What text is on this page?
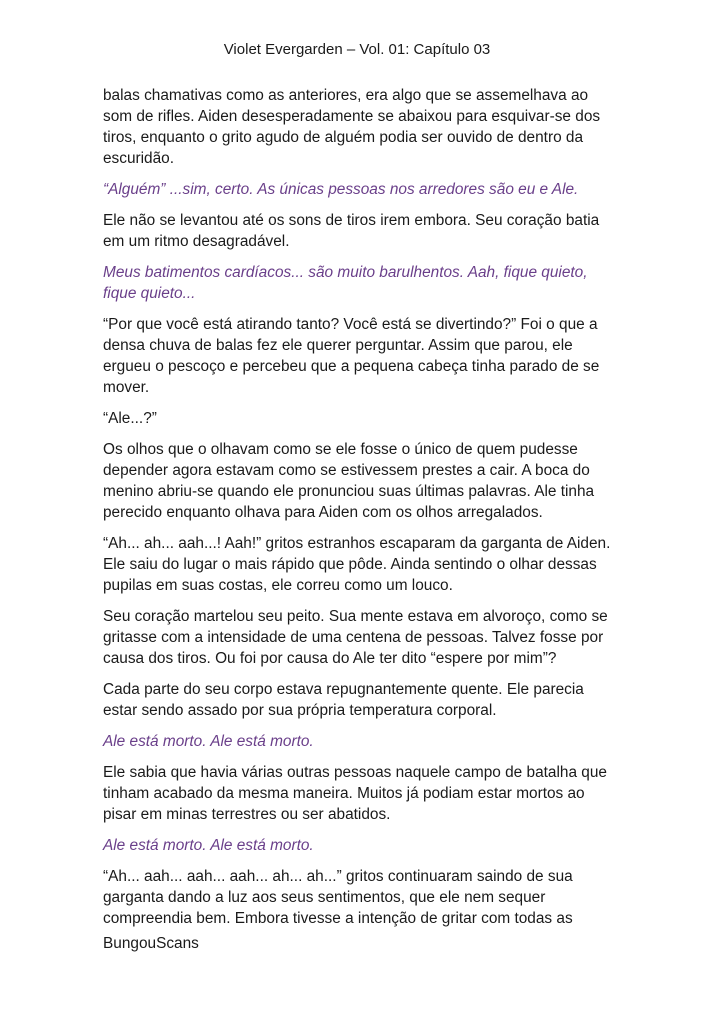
Violet Evergarden – Vol. 01: Capítulo 03

balas chamativas como as anteriores, era algo que se assemelhava ao som de rifles. Aiden desesperadamente se abaixou para esquivar-se dos tiros, enquanto o grito agudo de alguém podia ser ouvido de dentro da escuridão.

“Alguém” ...sim, certo. As únicas pessoas nos arredores são eu e Ale.

Ele não se levantou até os sons de tiros irem embora. Seu coração batia em um ritmo desagradável.

Meus batimentos cardíacos... são muito barulhentos. Aah, fique quieto, fique quieto...

“Por que você está atirando tanto? Você está se divertindo?” Foi o que a densa chuva de balas fez ele querer perguntar. Assim que parou, ele ergueu o pescoço e percebeu que a pequena cabeça tinha parado de se mover.

“Ale...?”

Os olhos que o olhavam como se ele fosse o único de quem pudesse depender agora estavam como se estivessem prestes a cair. A boca do menino abriu-se quando ele pronunciou suas últimas palavras. Ale tinha perecido enquanto olhava para Aiden com os olhos arregalados.

“Ah... ah... aah...! Aah!” gritos estranhos escaparam da garganta de Aiden. Ele saiu do lugar o mais rápido que pôde. Ainda sentindo o olhar dessas pupilas em suas costas, ele correu como um louco.

Seu coração martelou seu peito. Sua mente estava em alvoroço, como se gritasse com a intensidade de uma centena de pessoas. Talvez fosse por causa dos tiros. Ou foi por causa do Ale ter dito “espere por mim”?

Cada parte do seu corpo estava repugnantemente quente. Ele parecia estar sendo assado por sua própria temperatura corporal.

Ale está morto. Ale está morto.

Ele sabia que havia várias outras pessoas naquele campo de batalha que tinham acabado da mesma maneira. Muitos já podiam estar mortos ao pisar em minas terrestres ou ser abatidos.

Ale está morto. Ale está morto.

“Ah... aah... aah... aah... ah... ah...” gritos continuaram saindo de sua garganta dando a luz aos seus sentimentos, que ele nem sequer compreendia bem. Embora tivesse a intenção de gritar com todas as

BungouScans
